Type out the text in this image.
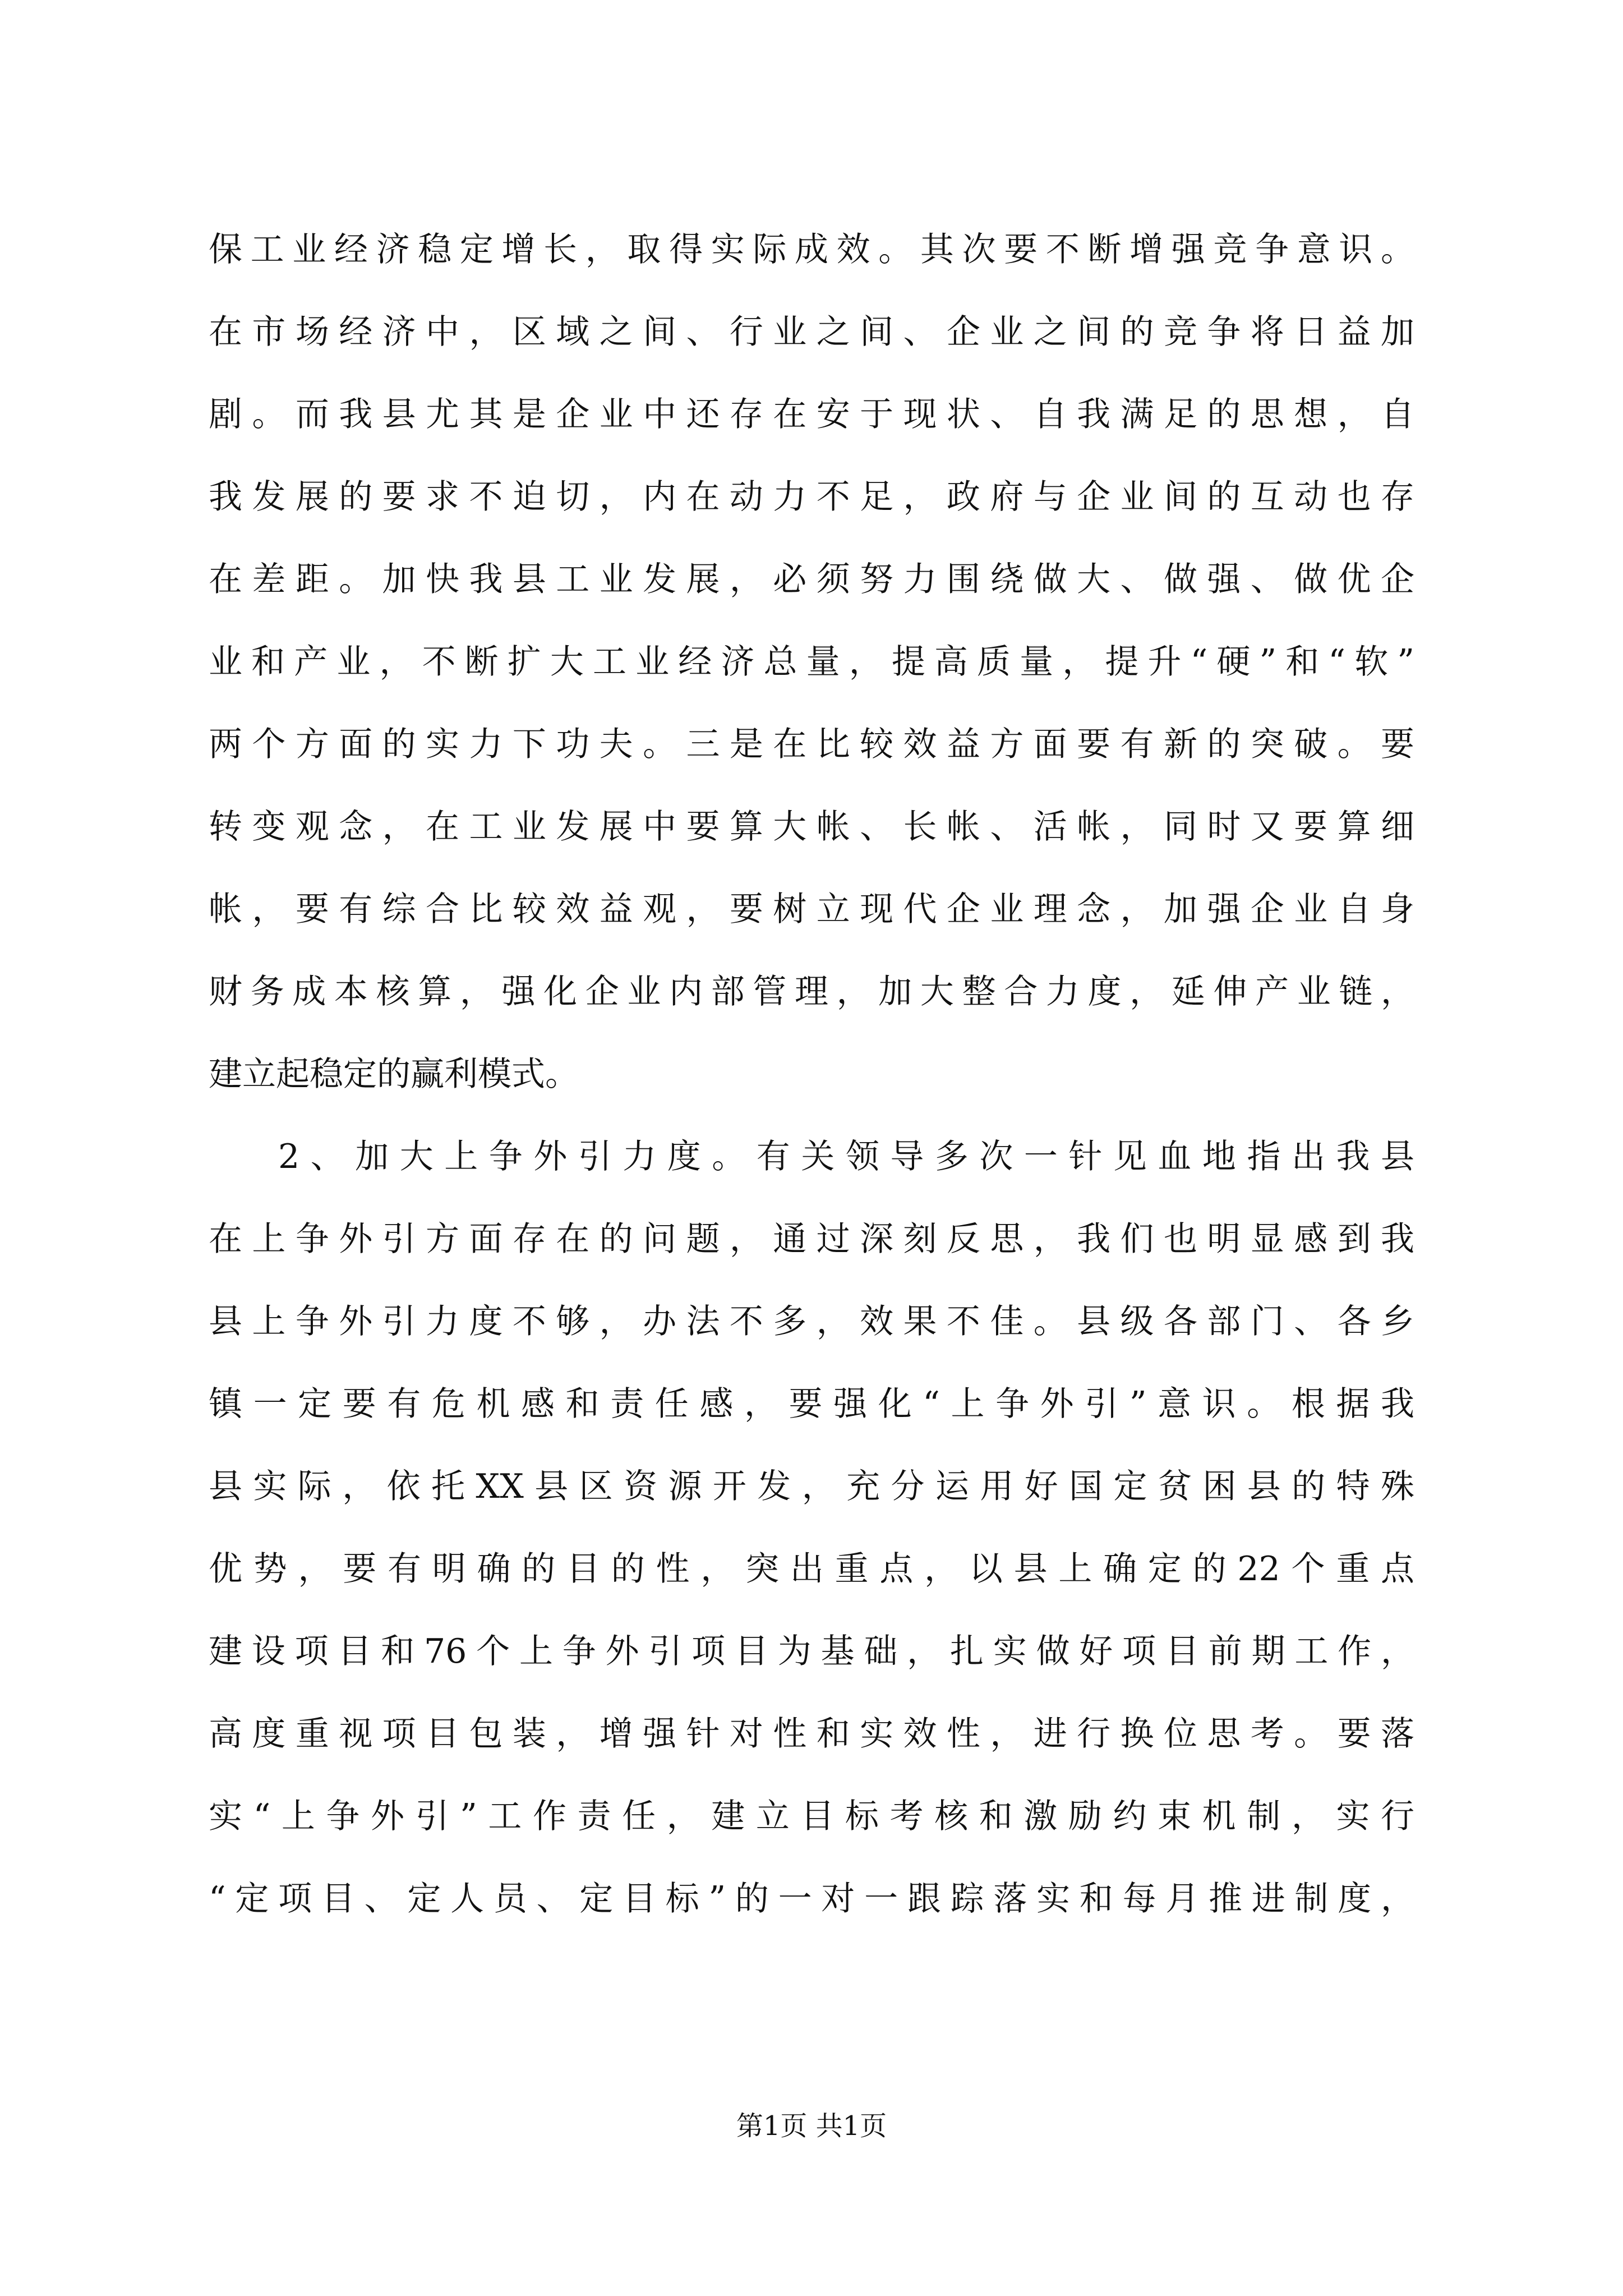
保工业经济稳定增长，取得实际成效。其次要不断增强竞争意识。
在市场经济中，区域之间、行业之间、企业之间的竞争将日益加
剧。而我县尤其是企业中还存在安于现状、自我满足的思想，自
我发展的要求不迫切，内在动力不足，政府与企业间的互动也存
在差距。加快我县工业发展，必须努力围绕做大、做强、做优企
业和产业，不断扩大工业经济总量，提高质量，提升“硬”和“软”
两个方面的实力下功夫。三是在比较效益方面要有新的突破。要
转变观念，在工业发展中要算大帐、长帐、活帐，同时又要算细
帐，要有综合比较效益观，要树立现代企业理念，加强企业自身
财务成本核算，强化企业内部管理，加大整合力度，延伸产业链，
建立起稳定的赢利模式。
2、加大上争外引力度。有关领导多次一针见血地指出我县
在上争外引方面存在的问题，通过深刻反思，我们也明显感到我
县上争外引力度不够，办法不多，效果不佳。县级各部门、各乡
镇一定要有危机感和责任感，要强化“上争外引”意识。根据我
县实际，依托XX县区资源开发，充分运用好国定贫困县的特殊
优势，要有明确的目的性，突出重点，以县上确定的22个重点
建设项目和76个上争外引项目为基础，扎实做好项目前期工作，
高度重视项目包装，增强针对性和实效性，进行换位思考。要落
实“上争外引”工作责任，建立目标考核和激励约束机制，实行
“定项目、定人员、定目标”的一对一跟踪落实和每月推进制度，
第1页 共1页
